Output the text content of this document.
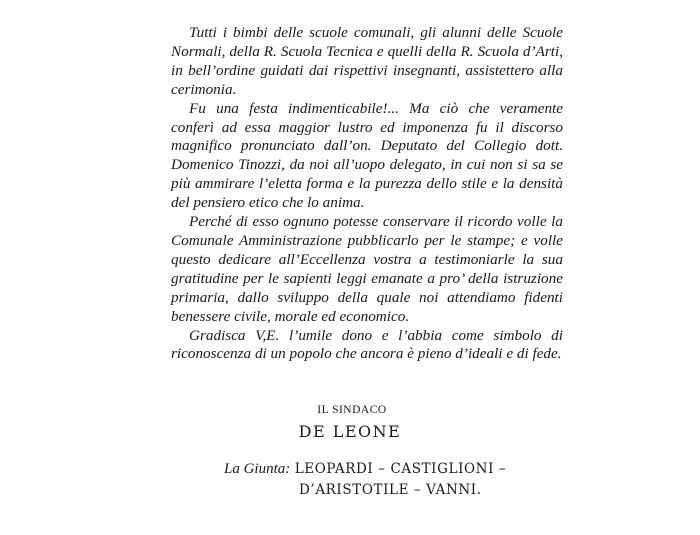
Tutti i bimbi delle scuole comunali, gli alunni delle Scuole Normali, della R. Scuola Tecnica e quelli della R. Scuola d’Arti, in bell’ordine guidati dai rispettivi insegnanti, assistettero alla cerimonia.

Fu una festa indimenticabile!... Ma ciò che veramente conferì ad essa maggior lustro ed imponenza fu il discorso magnifico pronunciato dall’on. Deputato del Collegio dott. Domenico Tinozzi, da noi all’uopo delegato, in cui non si sa se più ammirare l’eletta forma e la purezza dello stile e la densità del pensiero etico che lo anima.

Perché di esso ognuno potesse conservare il ricordo volle la Comunale Amministrazione pubblicarlo per le stampe; e volle questo dedicare all’Eccellenza vostra a testimoniarle la sua gratitudine per le sapienti leggi emanate a pro’ della istruzione primaria, dallo sviluppo della quale noi attendiamo fidenti benessere civile, morale ed economico.

Gradisca V,E. l’umile dono e l’abbia come simbolo di riconoscenza di un popolo che ancora è pieno d’ideali e di fede.

IL SINDACO
DE LEONE
La Giunta: LEOPARDI – CASTIGLIONI –
D’ARISTOTILE – VANNI.
